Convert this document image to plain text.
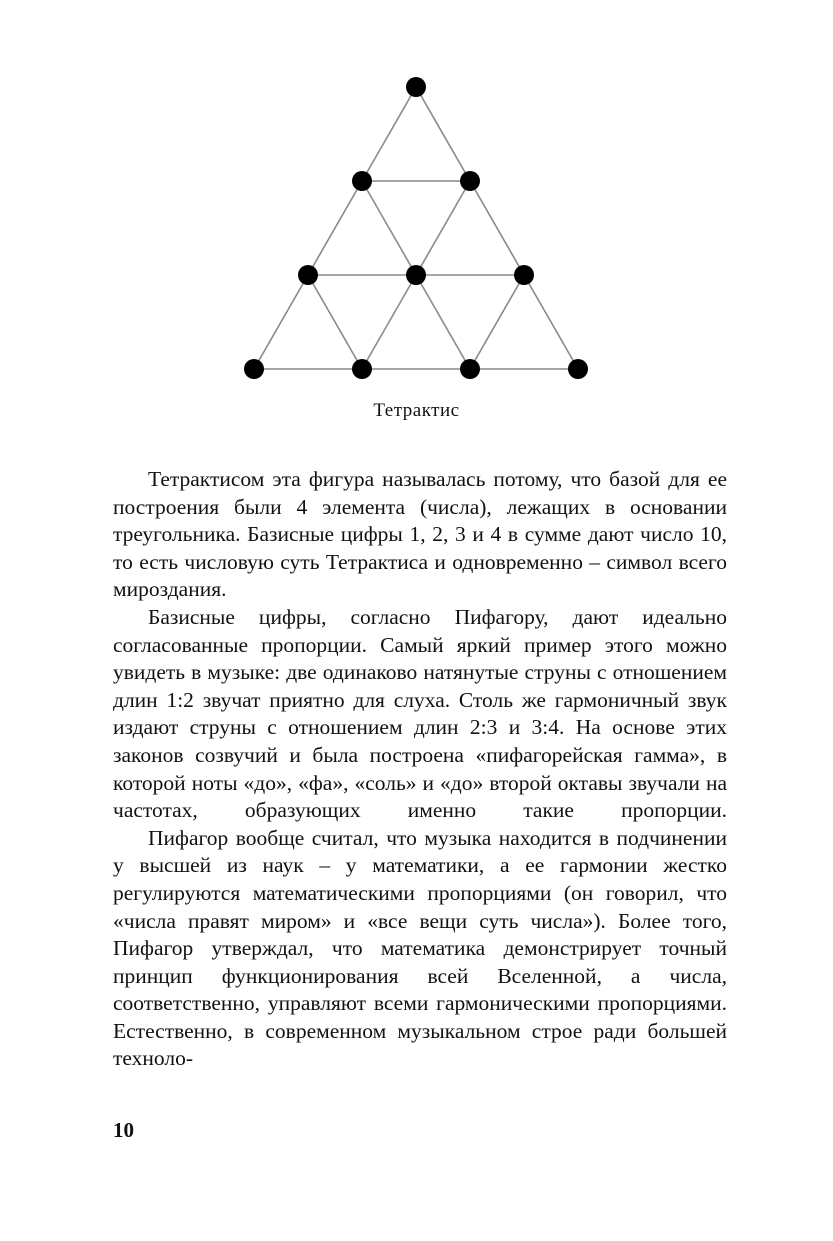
Тетрактис

Тетрактисом эта фигура называлась потому, что базой для ее построения были 4 элемента (числа), лежащих в основании треугольника. Базисные цифры 1, 2, 3 и 4 в сумме дают число 10, то есть числовую суть Тетрактиса и одновременно – символ всего мироздания.

Базисные цифры, согласно Пифагору, дают идеально согласованные пропорции. Самый яркий пример этого можно увидеть в музыке: две одинаково натянутые струны с отношением длин 1:2 звучат приятно для слуха. Столь же гармоничный звук издают струны с отношением длин 2:3 и 3:4. На основе этих законов созвучий и была построена «пифагорейская гамма», в которой ноты «до», «фа», «соль» и «до» второй октавы звучали на частотах, образующих именно такие пропорции.

Пифагор вообще считал, что музыка находится в подчинении у высшей из наук – у математики, а ее гармонии жестко регулируются математическими пропорциями (он говорил, что «числа правят миром» и «все вещи суть числа»). Более того, Пифагор утверждал, что математика демонстрирует точный принцип функционирования всей Вселенной, а числа, соответственно, управляют всеми гармоническими пропорциями. Естественно, в современном музыкальном строе ради большей техноло-

10
